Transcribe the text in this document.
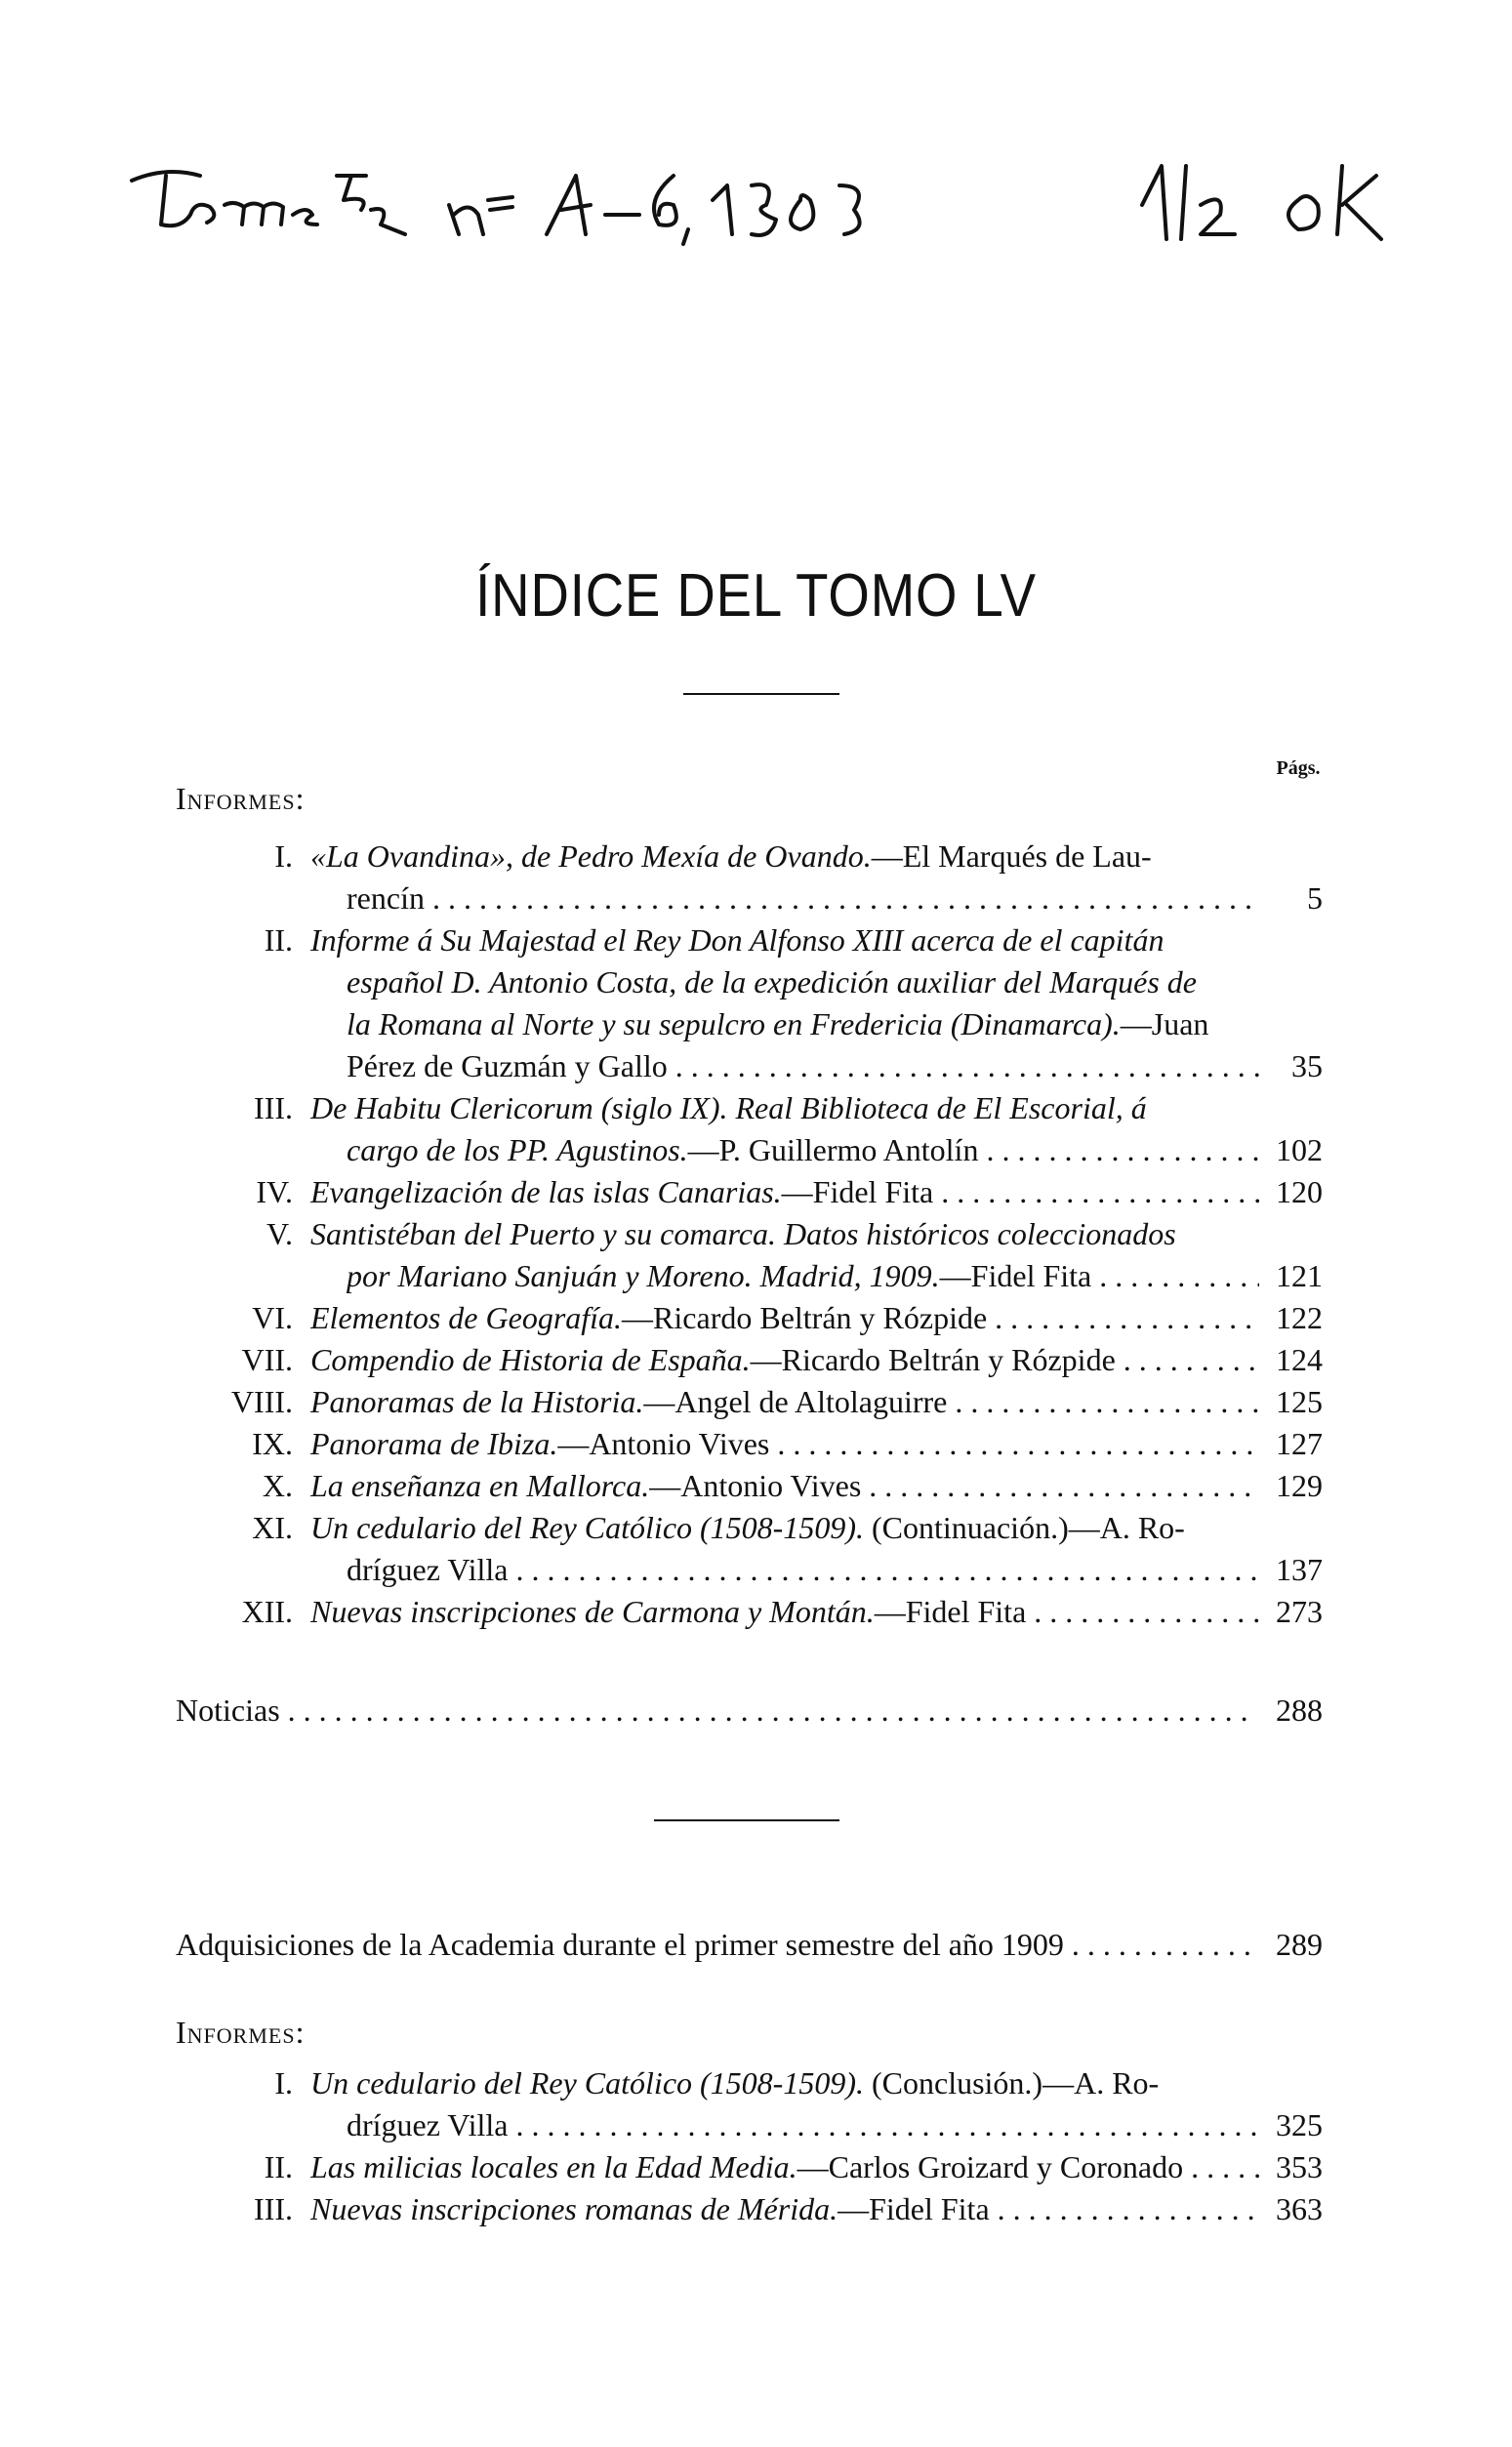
ÍNDICE DEL TOMO LV
Págs.
Informes:
I. «La Ovandina», de Pedro Mexía de Ovando.—El Marqués de Lau-
rencín . . .	5
II. Informe á Su Majestad el Rey Don Alfonso XIII acerca de el capitán
español D. Antonio Costa, de la expedición auxiliar del Marqués de
la Romana al Norte y su sepulcro en Fredericia (Dinamarca).—Juan
Pérez de Guzmán y Gallo . . .	35
III. De Habitu Clericorum (siglo IX). Real Biblioteca de El Escorial, á
cargo de los PP. Agustinos.—P. Guillermo Antolín . . .	102
IV. Evangelización de las islas Canarias.—Fidel Fita . . .	120
V. Santistéban del Puerto y su comarca. Datos históricos coleccionados
por Mariano Sanjuán y Moreno. Madrid, 1909.—Fidel Fita . . .	121
VI. Elementos de Geografía.—Ricardo Beltrán y Rózpide . . .	122
VII. Compendio de Historia de España.—Ricardo Beltrán y Rózpide . . .	124
VIII. Panoramas de la Historia.—Angel de Altolaguirre . . .	125
IX. Panorama de Ibiza.—Antonio Vives . . .	127
X. La enseñanza en Mallorca.—Antonio Vives . . .	129
XI. Un cedulario del Rey Católico (1508-1509). (Continuación.)—A. Ro-
dríguez Villa . . .	137
XII. Nuevas inscripciones de Carmona y Montán.—Fidel Fita . . .	273
Noticias . . .	288
Adquisiciones de la Academia durante el primer semestre del año 1909 . . .	289
Informes:
I. Un cedulario del Rey Católico (1508-1509). (Conclusión.)—A. Ro-
dríguez Villa . . .	325
II. Las milicias locales en la Edad Media.—Carlos Groizard y Coronado . . .	353
III. Nuevas inscripciones romanas de Mérida.—Fidel Fita . . .	363
